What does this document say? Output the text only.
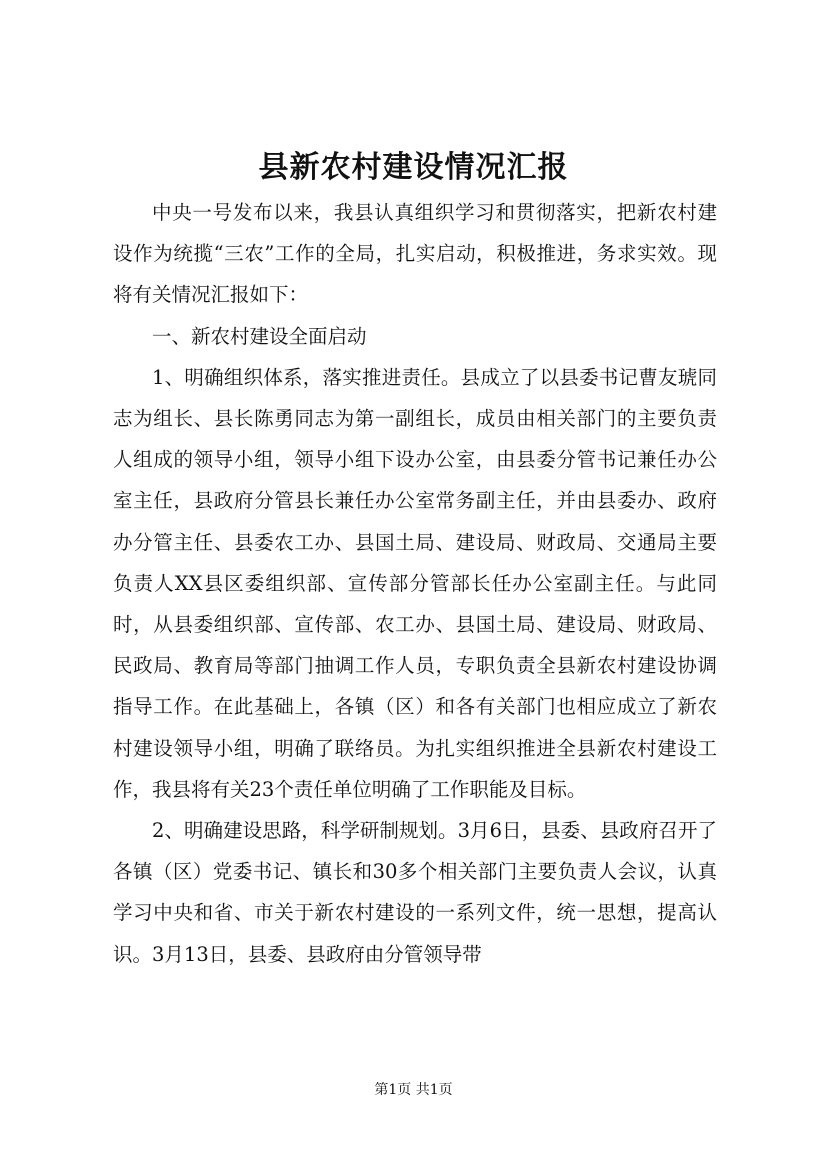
县新农村建设情况汇报

中央一号发布以来，我县认真组织学习和贯彻落实，把新农村建设作为统揽“三农”工作的全局，扎实启动，积极推进，务求实效。现将有关情况汇报如下：

一、新农村建设全面启动

1、明确组织体系，落实推进责任。县成立了以县委书记曹友琥同志为组长、县长陈勇同志为第一副组长，成员由相关部门的主要负责人组成的领导小组，领导小组下设办公室，由县委分管书记兼任办公室主任，县政府分管县长兼任办公室常务副主任，并由县委办、政府办分管主任、县委农工办、县国土局、建设局、财政局、交通局主要负责人XX县区委组织部、宣传部分管部长任办公室副主任。与此同时，从县委组织部、宣传部、农工办、县国土局、建设局、财政局、民政局、教育局等部门抽调工作人员，专职负责全县新农村建设协调指导工作。在此基础上，各镇（区）和各有关部门也相应成立了新农村建设领导小组，明确了联络员。为扎实组织推进全县新农村建设工作，我县将有关23个责任单位明确了工作职能及目标。

2、明确建设思路，科学研制规划。3月6日，县委、县政府召开了各镇（区）党委书记、镇长和30多个相关部门主要负责人会议，认真学习中央和省、市关于新农村建设的一系列文件，统一思想，提高认识。3月13日，县委、县政府由分管领导带

第1页 共1页
